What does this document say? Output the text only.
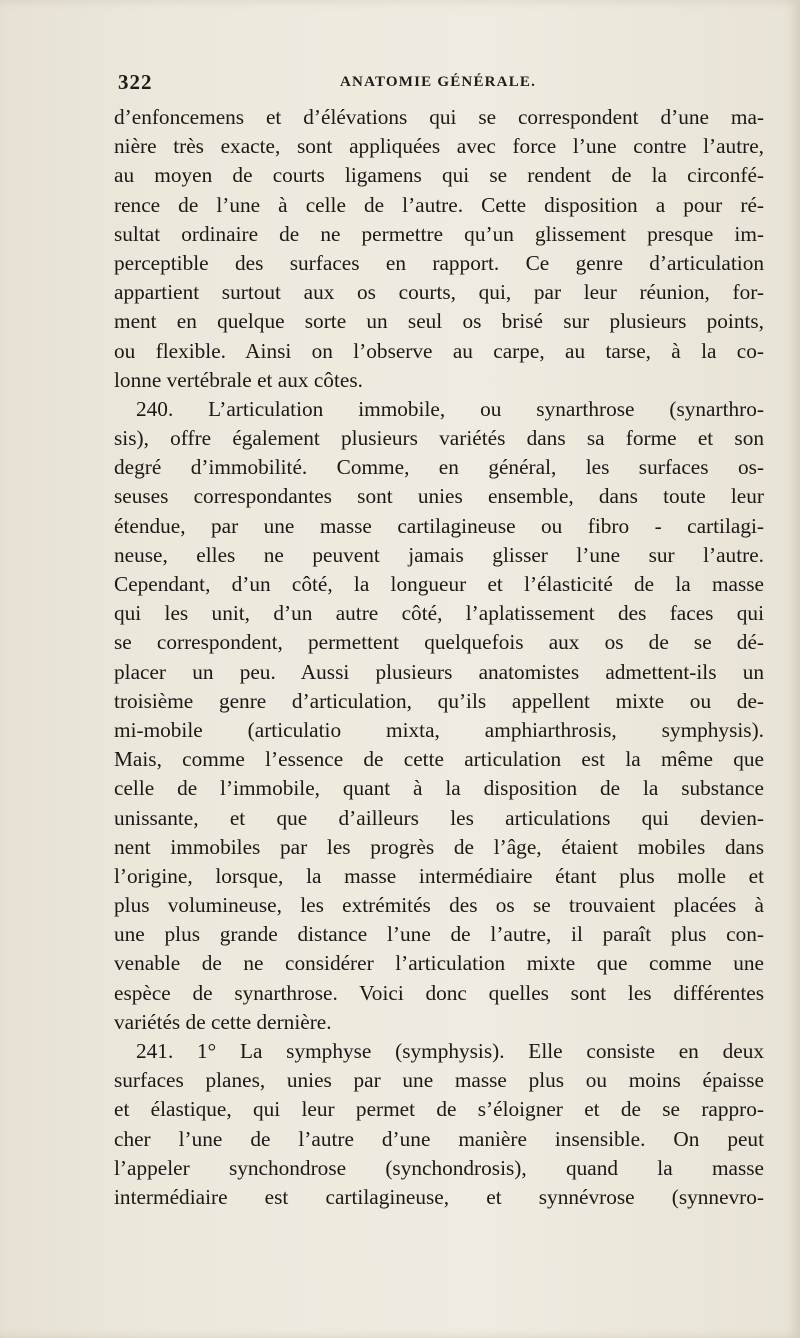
322	ANATOMIE GÉNÉRALE.
d’enfoncemens et d’élévations qui se correspondent d’une ma-
nière très exacte, sont appliquées avec force l’une contre l’autre,
au moyen de courts ligamens qui se rendent de la circonfé-
rence de l’une à celle de l’autre. Cette disposition a pour ré-
sultat ordinaire de ne permettre qu’un glissement presque im-
perceptible des surfaces en rapport. Ce genre d’articulation
appartient surtout aux os courts, qui, par leur réunion, for-
ment en quelque sorte un seul os brisé sur plusieurs points,
ou flexible. Ainsi on l’observe au carpe, au tarse, à la co-
lonne vertébrale et aux côtes.
240. L’articulation immobile, ou synarthrose (synarthro-
sis), offre également plusieurs variétés dans sa forme et son
degré d’immobilité. Comme, en général, les surfaces os-
seuses correspondantes sont unies ensemble, dans toute leur
étendue, par une masse cartilagineuse ou fibro - cartilagi-
neuse, elles ne peuvent jamais glisser l’une sur l’autre.
Cependant, d’un côté, la longueur et l’élasticité de la masse
qui les unit, d’un autre côté, l’aplatissement des faces qui
se correspondent, permettent quelquefois aux os de se dé-
placer un peu. Aussi plusieurs anatomistes admettent-ils un
troisième genre d’articulation, qu’ils appellent mixte ou de-
mi-mobile (articulatio mixta, amphiarthrosis, symphysis).
Mais, comme l’essence de cette articulation est la même que
celle de l’immobile, quant à la disposition de la substance
unissante, et que d’ailleurs les articulations qui devien-
nent immobiles par les progrès de l’âge, étaient mobiles dans
l’origine, lorsque, la masse intermédiaire étant plus molle et
plus volumineuse, les extrémités des os se trouvaient placées à
une plus grande distance l’une de l’autre, il paraît plus con-
venable de ne considérer l’articulation mixte que comme une
espèce de synarthrose. Voici donc quelles sont les différentes
variétés de cette dernière.
241. 1° La symphyse (symphysis). Elle consiste en deux
surfaces planes, unies par une masse plus ou moins épaisse
et élastique, qui leur permet de s’éloigner et de se rappro-
cher l’une de l’autre d’une manière insensible. On peut
l’appeler synchondrose (synchondrosis), quand la masse
intermédiaire est cartilagineuse, et synnévrose (synnevro-
